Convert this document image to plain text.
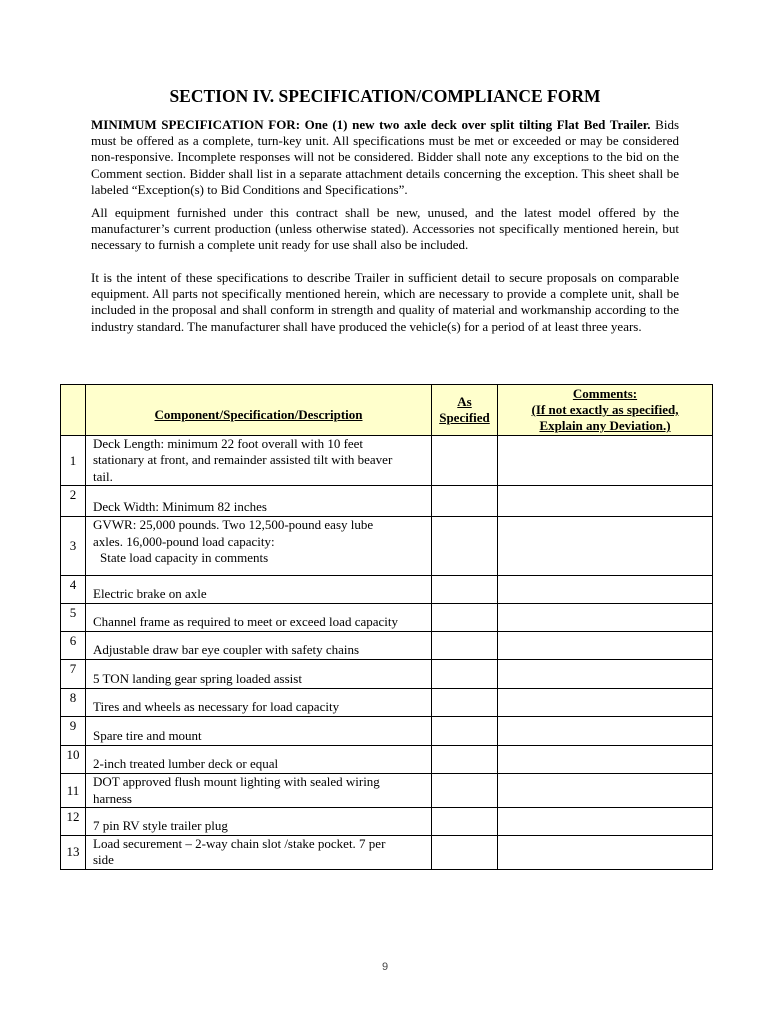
SECTION IV. SPECIFICATION/COMPLIANCE FORM

MINIMUM SPECIFICATION FOR: One (1) new two axle deck over split tilting Flat Bed Trailer. Bids must be offered as a complete, turn-key unit. All specifications must be met or exceeded or may be considered non-responsive. Incomplete responses will not be considered. Bidder shall note any exceptions to the bid on the Comment section. Bidder shall list in a separate attachment details concerning the exception. This sheet shall be labeled “Exception(s) to Bid Conditions and Specifications”.

All equipment furnished under this contract shall be new, unused, and the latest model offered by the manufacturer’s current production (unless otherwise stated). Accessories not specifically mentioned herein, but necessary to furnish a complete unit ready for use shall also be included.

It is the intent of these specifications to describe Trailer in sufficient detail to secure proposals on comparable equipment. All parts not specifically mentioned herein, which are necessary to provide a complete unit, shall be included in the proposal and shall conform in strength and quality of material and workmanship according to the industry standard. The manufacturer shall have produced the vehicle(s) for a period of at least three years.

	Component/Specification/Description	As
Specified	Comments:
(If not exactly as specified,
Explain any Deviation.)

1	Deck Length: minimum 22 foot overall with 10 feet
stationary at front, and remainder assisted tilt with beaver
tail.		

2	Deck Width: Minimum 82 inches		

3	GVWR: 25,000 pounds. Two 12,500-pound easy lube
axles. 16,000-pound load capacity:
State load capacity in comments		

4	Electric brake on axle		

5	Channel frame as required to meet or exceed load capacity		

6	Adjustable draw bar eye coupler with safety chains		

7	5 TON landing gear spring loaded assist		

8	Tires and wheels as necessary for load capacity		

9	Spare tire and mount		

10	2-inch treated lumber deck or equal		

11	DOT approved flush mount lighting with sealed wiring
harness		

12	7 pin RV style trailer plug		

13	Load securement – 2-way chain slot /stake pocket. 7 per
side		

9
